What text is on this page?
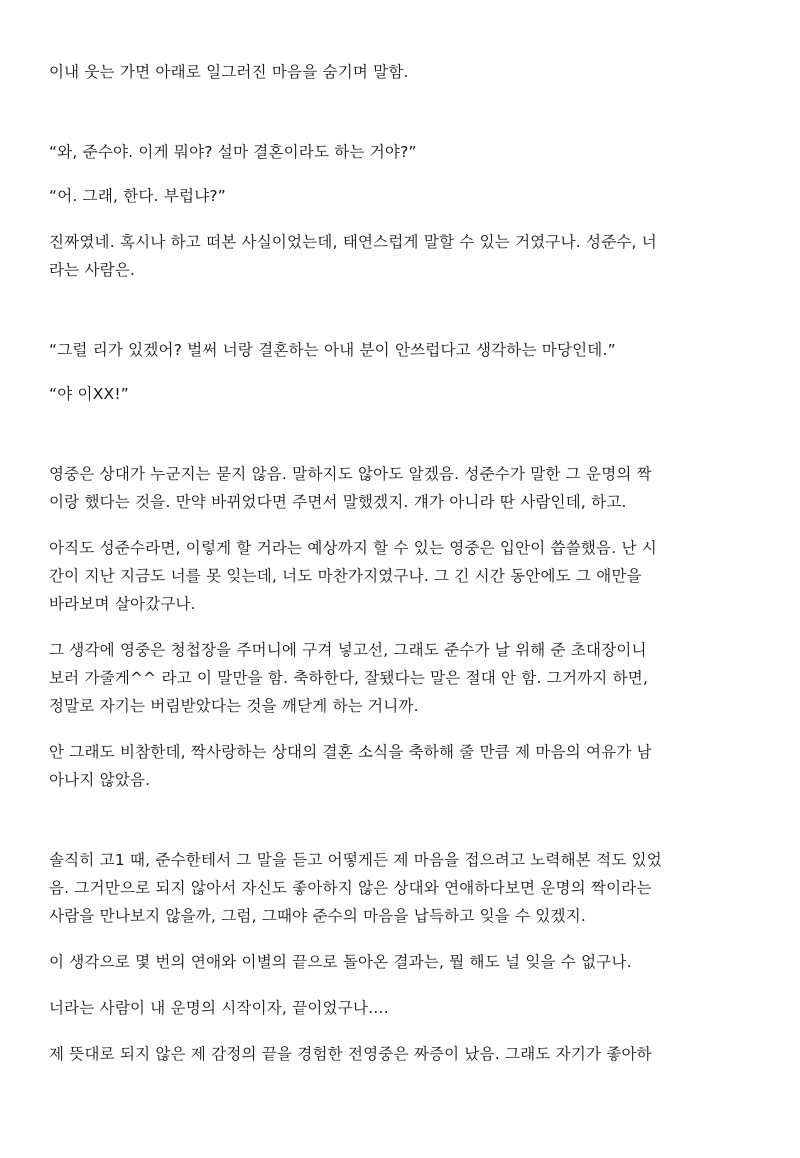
이내 웃는 가면 아래로 일그러진 마음을 숨기며 말함.

“와, 준수야. 이게 뭐야? 설마 결혼이라도 하는 거야?”

“어. 그래, 한다. 부럽냐?”

진짜였네. 혹시나 하고 떠본 사실이었는데, 태연스럽게 말할 수 있는 거였구나. 성준수, 너
라는 사람은.

“그럴 리가 있겠어? 벌써 너랑 결혼하는 아내 분이 안쓰럽다고 생각하는 마당인데.”

“야 이XX!”

영중은 상대가 누군지는 묻지 않음. 말하지도 않아도 알겠음. 성준수가 말한 그 운명의 짝
이랑 했다는 것을. 만약 바뀌었다면 주면서 말했겠지. 걔가 아니라 딴 사람인데, 하고.

아직도 성준수라면, 이렇게 할 거라는 예상까지 할 수 있는 영중은 입안이 씁쓸했음. 난 시
간이 지난 지금도 너를 못 잊는데, 너도 마찬가지였구나. 그 긴 시간 동안에도 그 애만을
바라보며 살아갔구나.

그 생각에 영중은 청첩장을 주머니에 구겨 넣고선, 그래도 준수가 날 위해 준 초대장이니
보러 가줄게^^ 라고 이 말만을 함. 축하한다, 잘됐다는 말은 절대 안 함. 그거까지 하면,
정말로 자기는 버림받았다는 것을 깨닫게 하는 거니까.

안 그래도 비참한데, 짝사랑하는 상대의 결혼 소식을 축하해 줄 만큼 제 마음의 여유가 남
아나지 않았음.

솔직히 고1 때, 준수한테서 그 말을 듣고 어떻게든 제 마음을 접으려고 노력해본 적도 있었
음. 그거만으로 되지 않아서 자신도 좋아하지 않은 상대와 연애하다보면 운명의 짝이라는
사람을 만나보지 않을까, 그럼, 그때야 준수의 마음을 납득하고 잊을 수 있겠지.

이 생각으로 몇 번의 연애와 이별의 끝으로 돌아온 결과는, 뭘 해도 널 잊을 수 없구나.

너라는 사람이 내 운명의 시작이자, 끝이었구나….

제 뜻대로 되지 않은 제 감정의 끝을 경험한 전영중은 짜증이 났음. 그래도 자기가 좋아하
